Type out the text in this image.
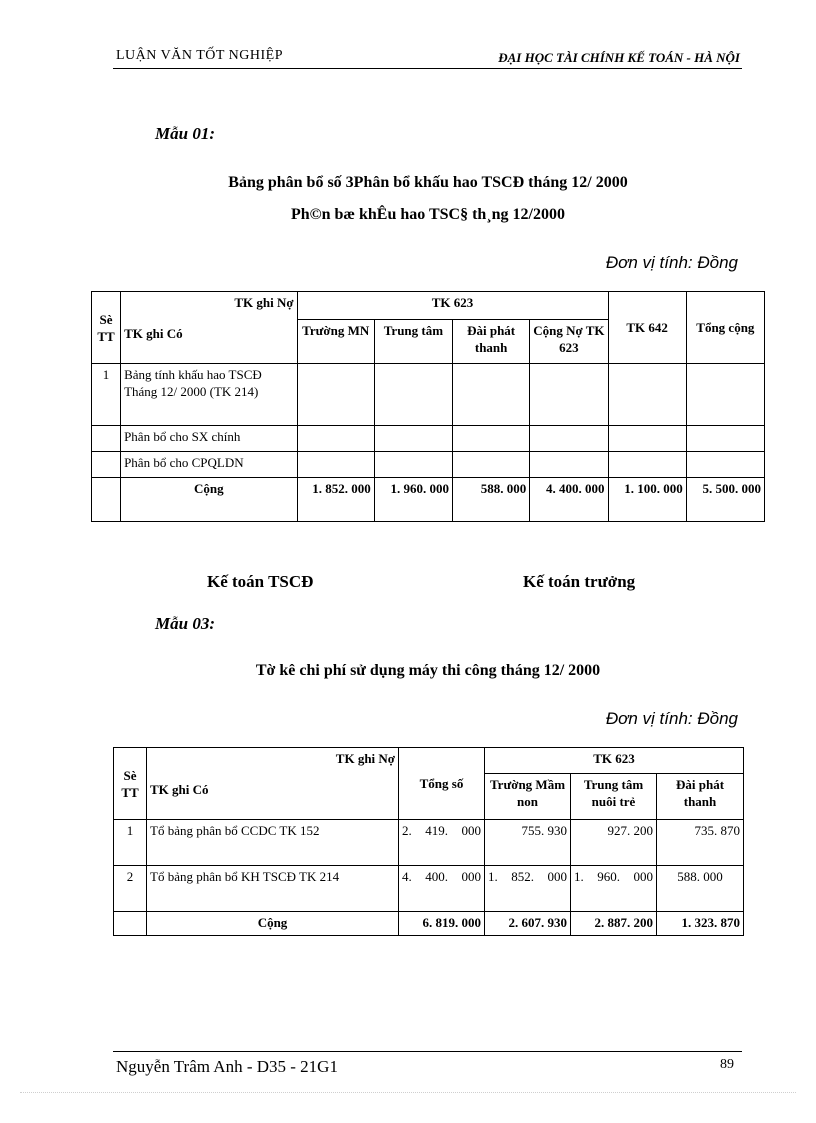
LUẬN VĂN TỐT NGHIỆP	ĐẠI HỌC TÀI CHÍNH KẾ TOÁN - HÀ NỘI
Mẫu 01:
Bảng phân bổ số 3Phân bổ khấu hao TSCĐ tháng 12/ 2000
Ph©n bæ khÊu hao TSC§ th¸ng 12/2000
Đơn vị tính: Đồng
Sè TT	TK ghi Nợ
TK ghi Có	TK 623				TK 642	Tổng cộng
		Trường MN	Trung tâm	Đài phát thanh	Cộng Nợ TK 623		
1	Bảng tính khấu hao TSCĐ Tháng 12/ 2000 (TK 214)						
	Phân bổ cho SX chính						
	Phân bổ cho CPQLDN						
	Cộng	1. 852. 000	1. 960. 000	588. 000	4. 400. 000	1. 100. 000	5. 500. 000
Kế toán TSCĐ	Kế toán trưởng
Mẫu 03:
Tờ kê chi phí sử dụng máy thi công tháng 12/ 2000
Đơn vị tính: Đồng
Sè TT	TK ghi Nợ
TK ghi Có	Tổng số	TK 623		
			Trường Mầm non	Trung tâm nuôi trẻ	Đài phát thanh
1	Tổ bảng phân bổ CCDC TK 152	2. 419. 000	755. 930	927. 200	735. 870
2	Tổ bảng phân bổ KH TSCĐ TK 214	4. 400. 000	1. 852. 000	1. 960. 000	588. 000
	Cộng	6. 819. 000	2. 607. 930	2. 887. 200	1. 323. 870
Nguyễn Trâm Anh - D35 - 21G1	89
